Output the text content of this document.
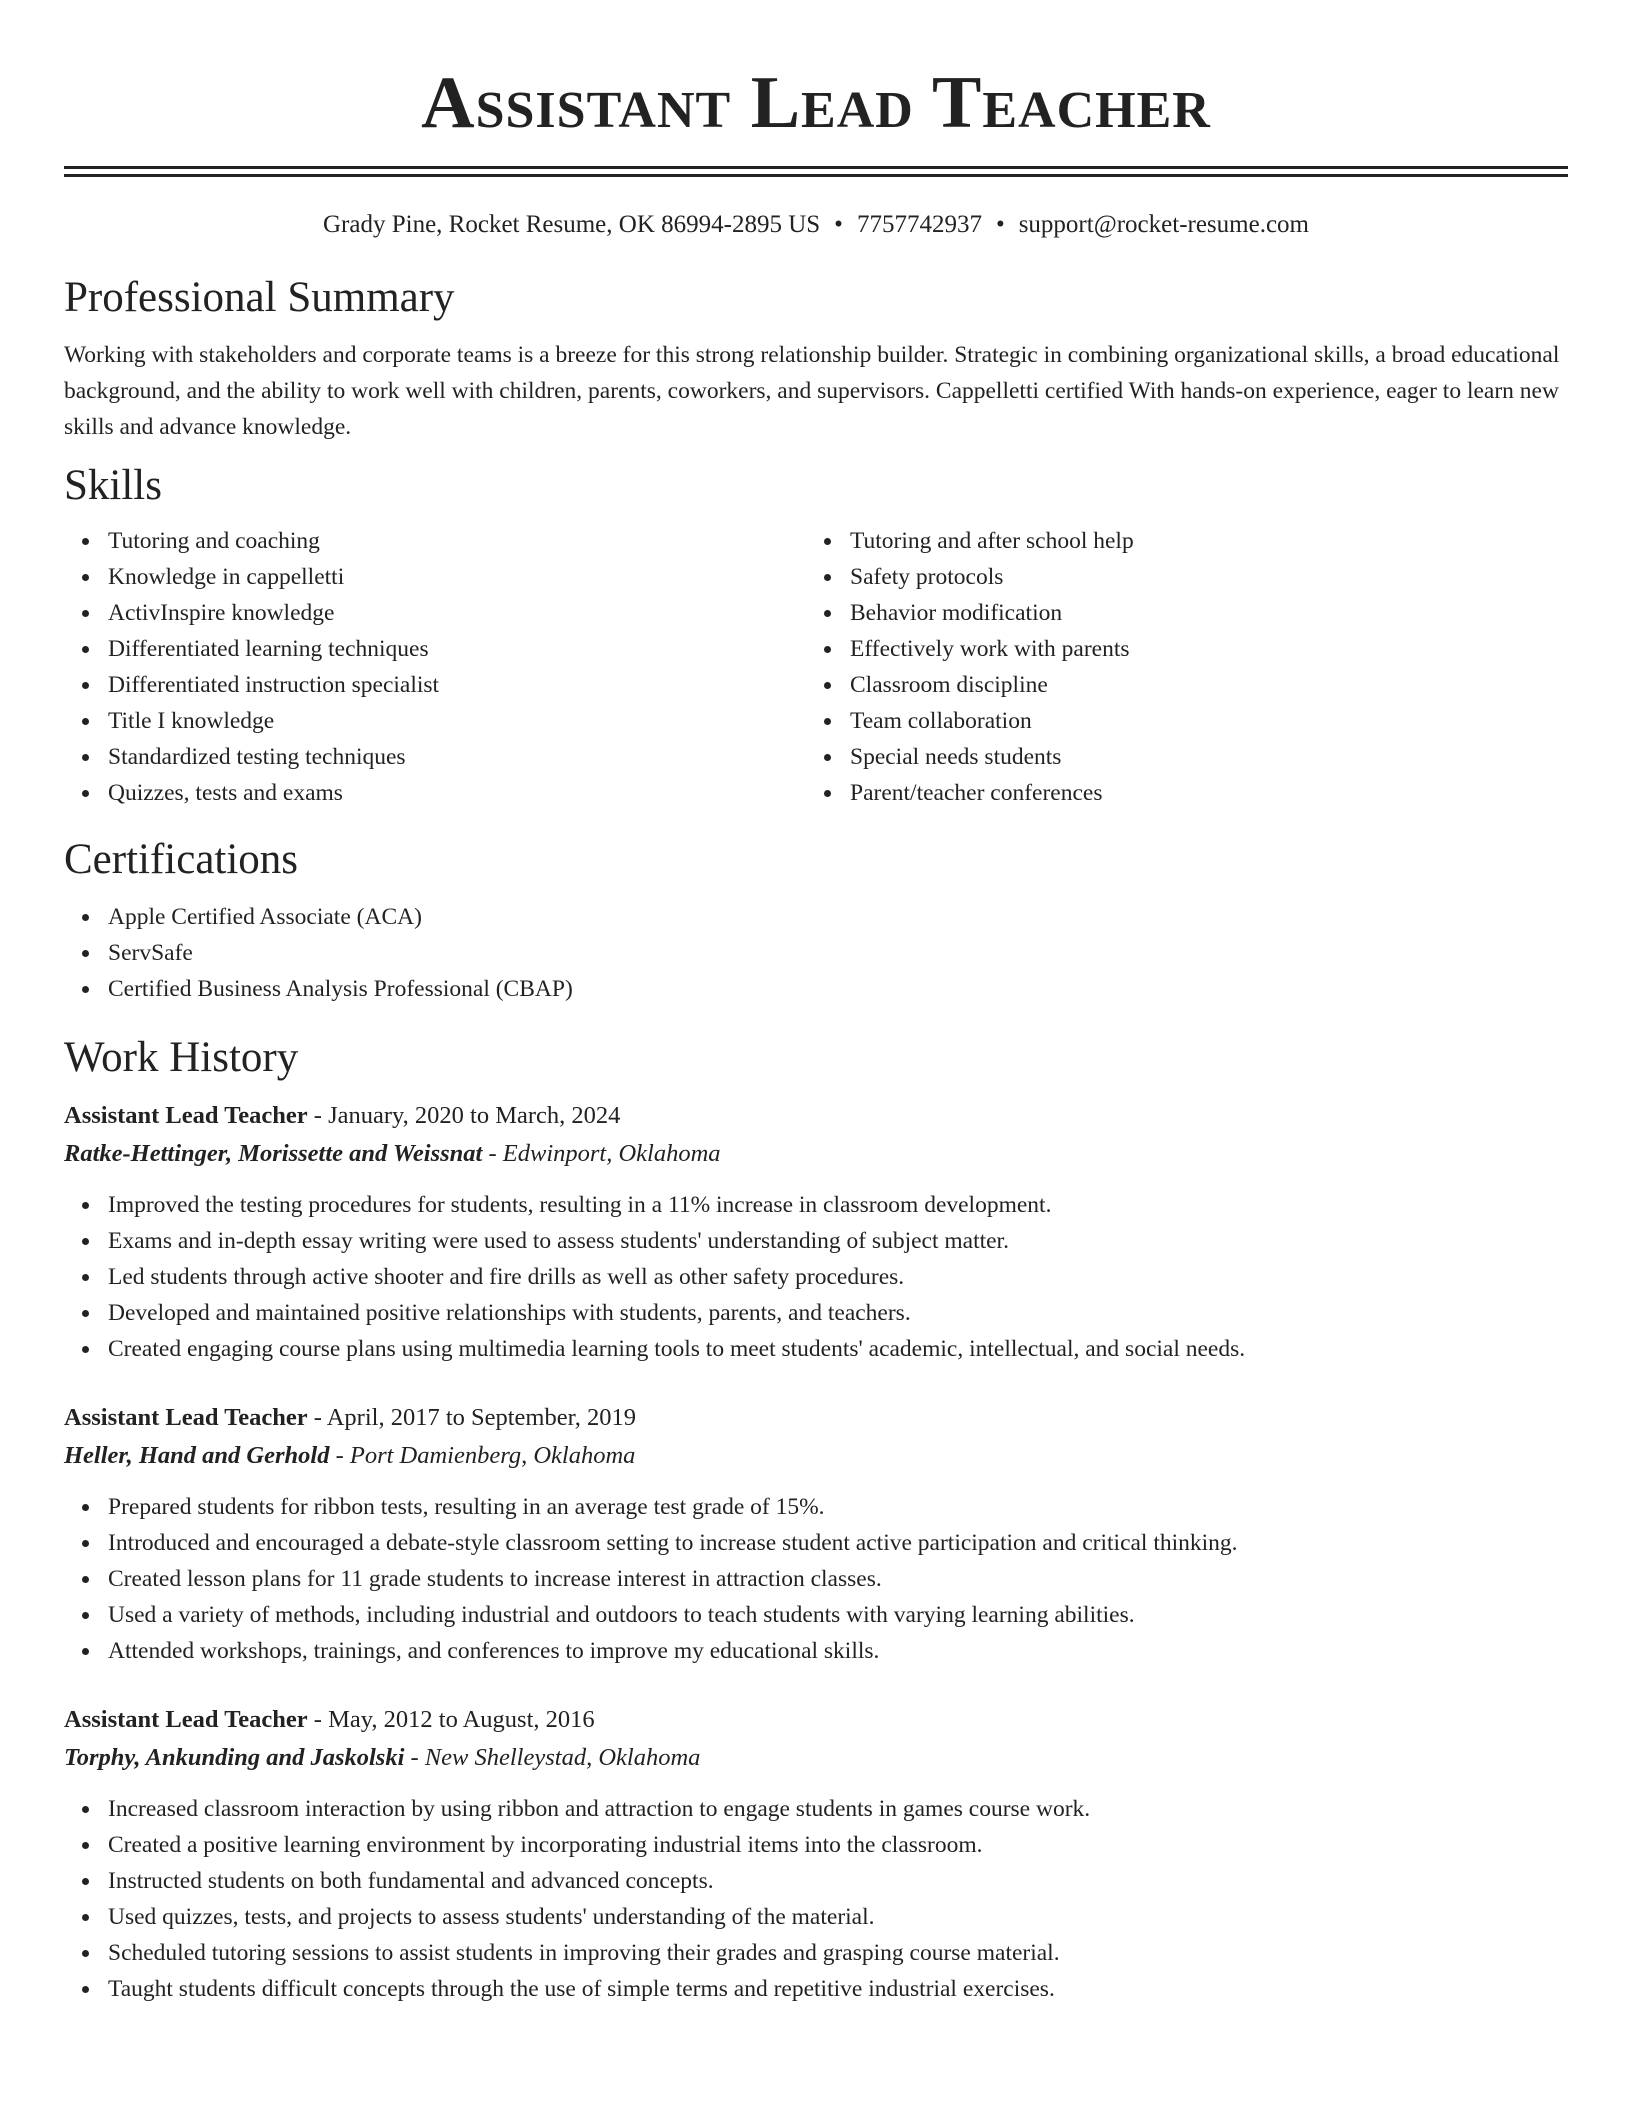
Assistant Lead Teacher
Grady Pine, Rocket Resume, OK 86994-2895 US • 7757742937 • support@rocket-resume.com
Professional Summary

Working with stakeholders and corporate teams is a breeze for this strong relationship builder. Strategic in combining organizational skills, a broad educational background, and the ability to work well with children, parents, coworkers, and supervisors. Cappelletti certified With hands-on experience, eager to learn new skills and advance knowledge.

Skills
Tutoring and coaching
Knowledge in cappelletti
ActivInspire knowledge
Differentiated learning techniques
Differentiated instruction specialist
Title I knowledge
Standardized testing techniques
Quizzes, tests and exams
Tutoring and after school help
Safety protocols
Behavior modification
Effectively work with parents
Classroom discipline
Team collaboration
Special needs students
Parent/teacher conferences
Certifications
Apple Certified Associate (ACA)
ServSafe
Certified Business Analysis Professional (CBAP)
Work History
Assistant Lead Teacher - January, 2020 to March, 2024
Ratke-Hettinger, Morissette and Weissnat - Edwinport, Oklahoma
Improved the testing procedures for students, resulting in a 11% increase in classroom development.
Exams and in-depth essay writing were used to assess students' understanding of subject matter.
Led students through active shooter and fire drills as well as other safety procedures.
Developed and maintained positive relationships with students, parents, and teachers.
Created engaging course plans using multimedia learning tools to meet students' academic, intellectual, and social needs.
Assistant Lead Teacher - April, 2017 to September, 2019
Heller, Hand and Gerhold - Port Damienberg, Oklahoma
Prepared students for ribbon tests, resulting in an average test grade of 15%.
Introduced and encouraged a debate-style classroom setting to increase student active participation and critical thinking.
Created lesson plans for 11 grade students to increase interest in attraction classes.
Used a variety of methods, including industrial and outdoors to teach students with varying learning abilities.
Attended workshops, trainings, and conferences to improve my educational skills.
Assistant Lead Teacher - May, 2012 to August, 2016
Torphy, Ankunding and Jaskolski - New Shelleystad, Oklahoma
Increased classroom interaction by using ribbon and attraction to engage students in games course work.
Created a positive learning environment by incorporating industrial items into the classroom.
Instructed students on both fundamental and advanced concepts.
Used quizzes, tests, and projects to assess students' understanding of the material.
Scheduled tutoring sessions to assist students in improving their grades and grasping course material.
Taught students difficult concepts through the use of simple terms and repetitive industrial exercises.
